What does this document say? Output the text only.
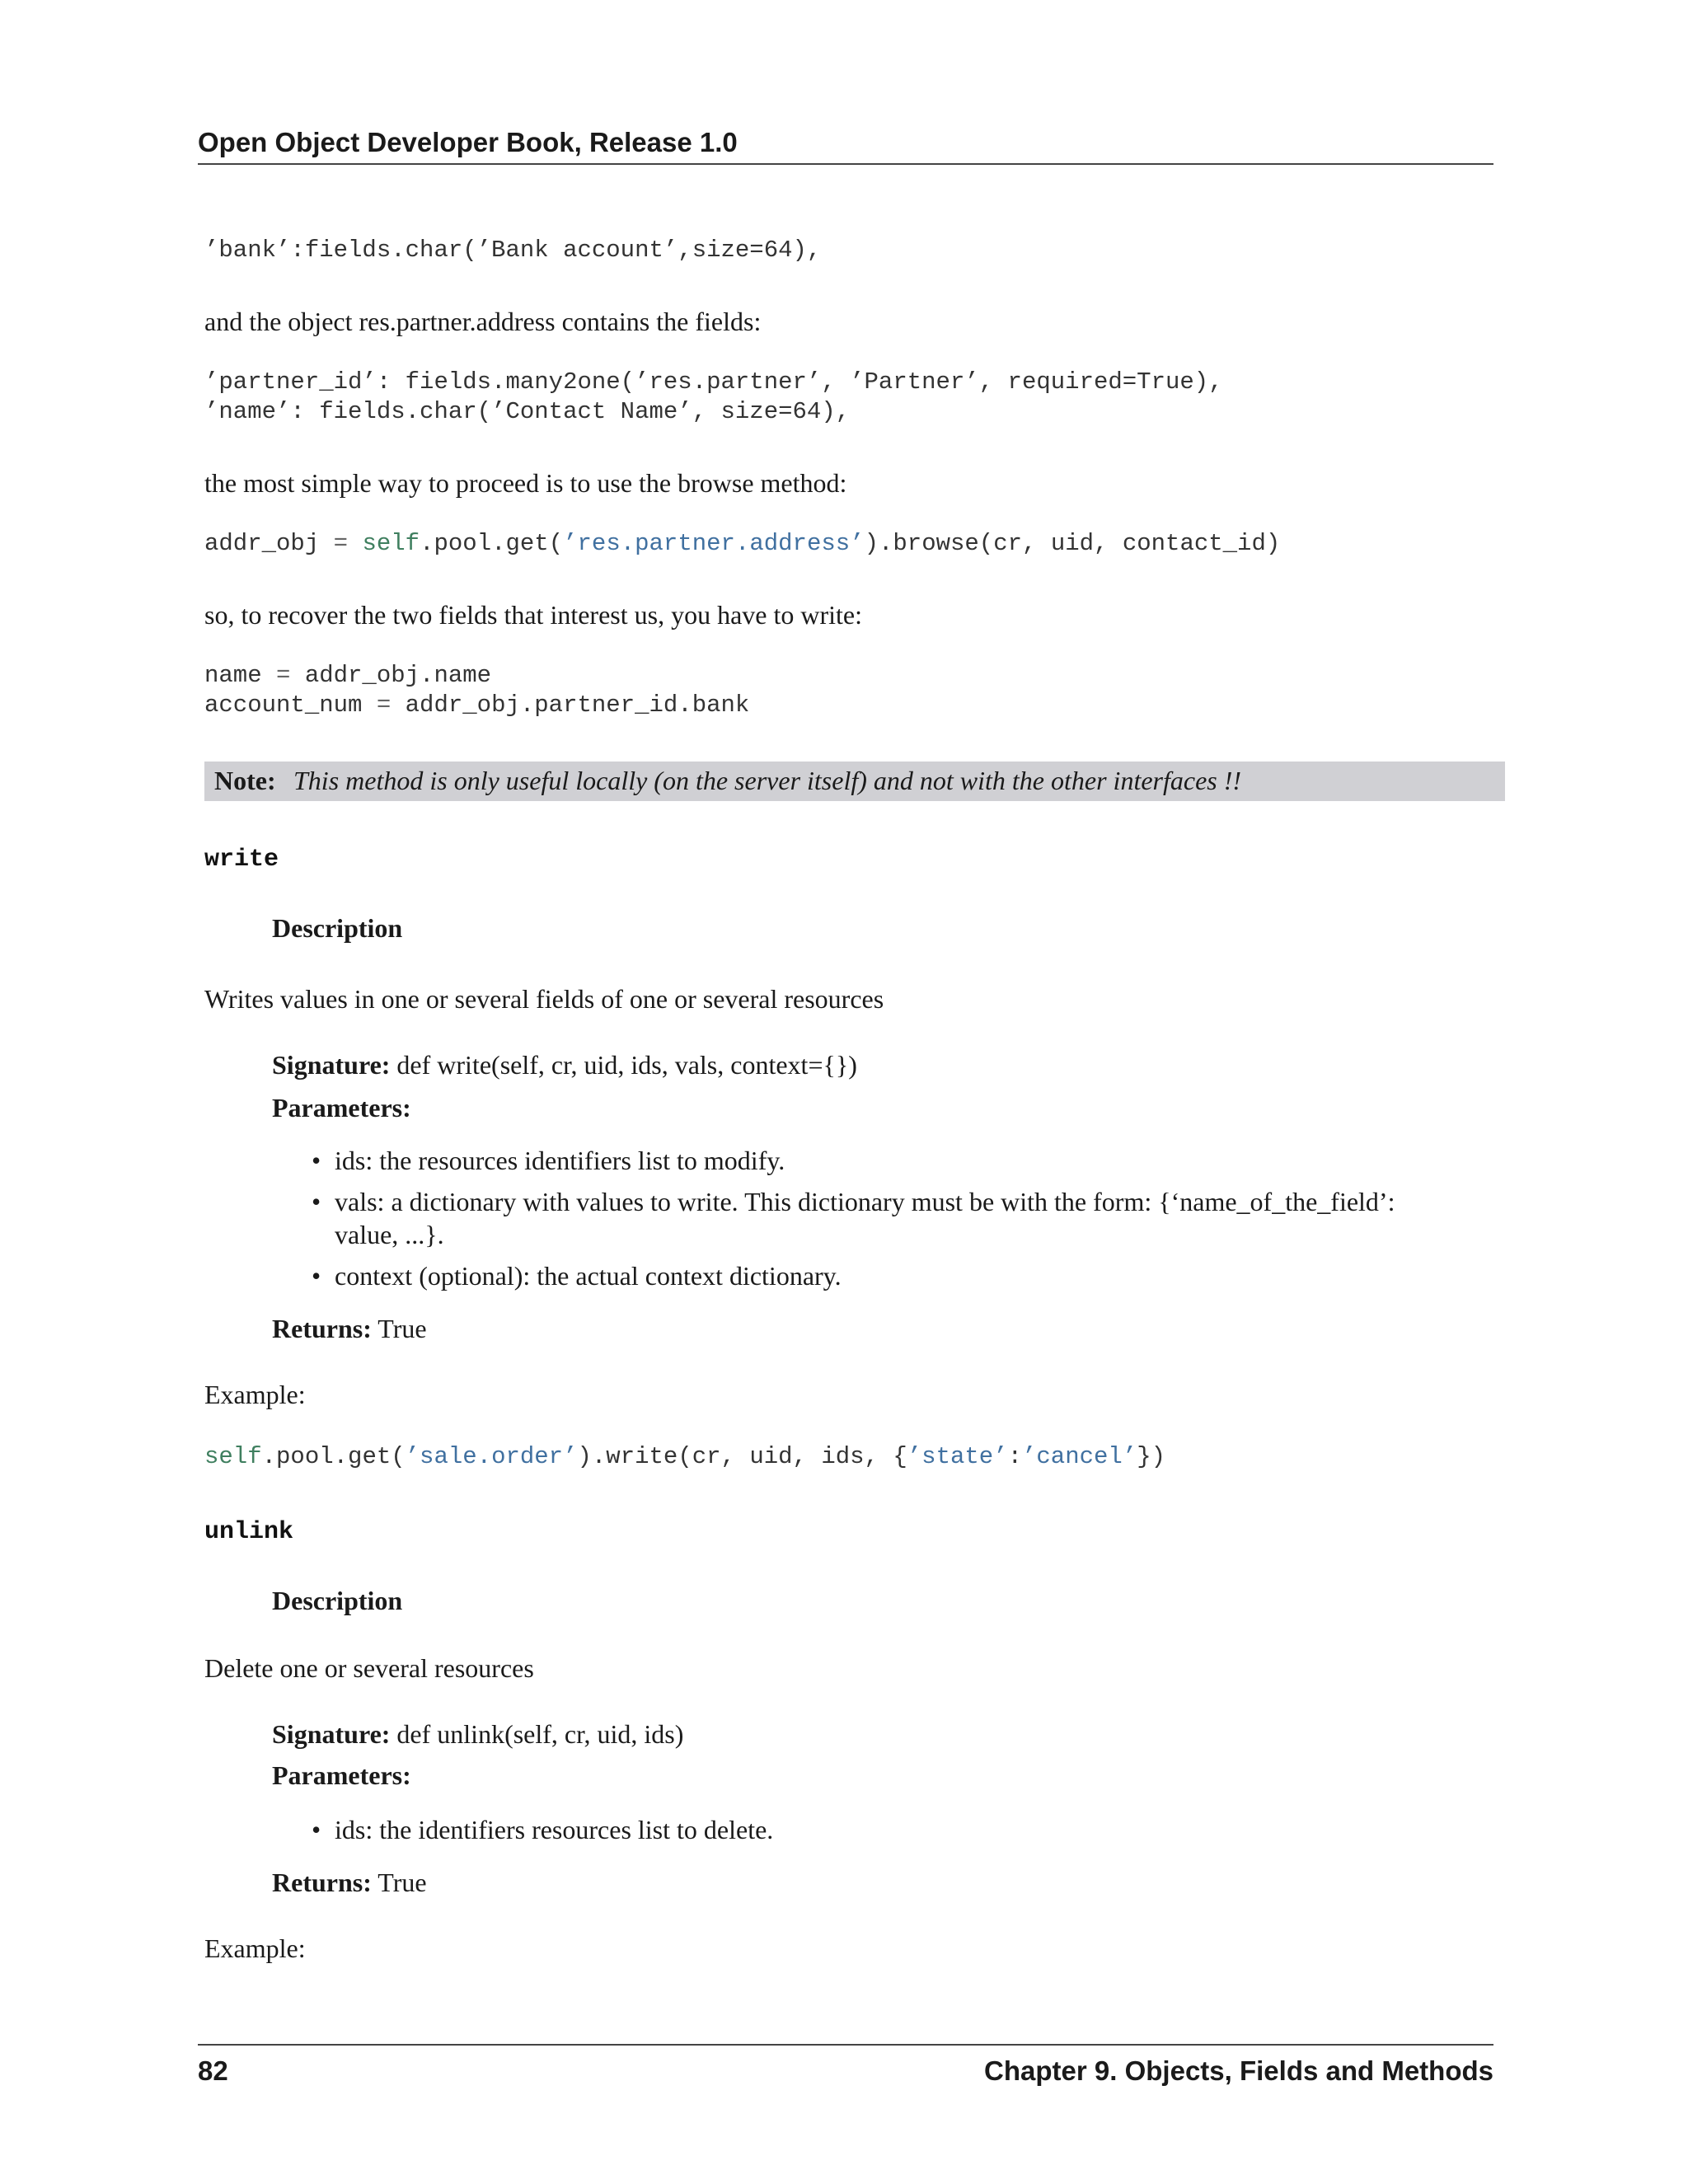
Open Object Developer Book, Release 1.0
’bank’:fields.char(’Bank account’,size=64),
and the object res.partner.address contains the fields:
’partner_id’: fields.many2one(’res.partner’, ’Partner’, required=True),
’name’: fields.char(’Contact Name’, size=64),
the most simple way to proceed is to use the browse method:
addr_obj = self.pool.get(’res.partner.address’).browse(cr, uid, contact_id)
so, to recover the two fields that interest us, you have to write:
name = addr_obj.name
account_num = addr_obj.partner_id.bank
Note: This method is only useful locally (on the server itself) and not with the other interfaces !!
write
Description
Writes values in one or several fields of one or several resources
Signature: def write(self, cr, uid, ids, vals, context={})
Parameters:
• ids: the resources identifiers list to modify.
• vals: a dictionary with values to write. This dictionary must be with the form: {‘name_of_the_field’: value, ...}.
• context (optional): the actual context dictionary.
Returns: True
Example:
self.pool.get(’sale.order’).write(cr, uid, ids, {’state’:’cancel’})
unlink
Description
Delete one or several resources
Signature: def unlink(self, cr, uid, ids)
Parameters:
• ids: the identifiers resources list to delete.
Returns: True
Example:
82	Chapter 9. Objects, Fields and Methods
